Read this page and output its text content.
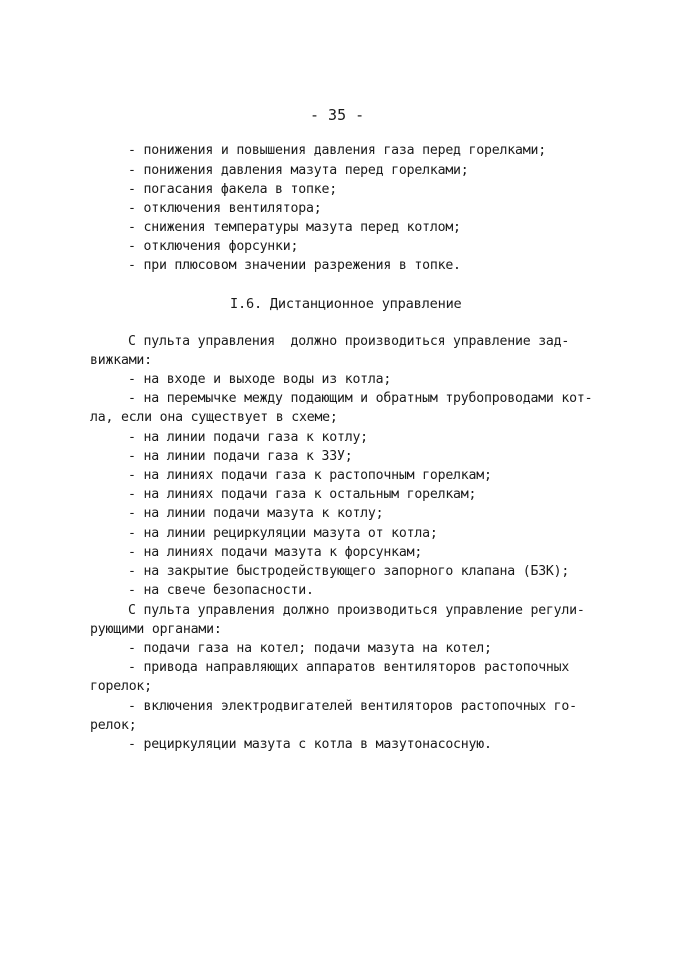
- 35 -
- понижения и повышения давления газа перед горелками;
- понижения давления мазута перед горелками;
- погасания факела в топке;
- отключения вентилятора;
- снижения температуры мазута перед котлом;
- отключения форсунки;
- при плюсовом значении разрежения в топке.
I.6. Дистанционное управление
С пульта управления  должно производиться управление зад-
вижками:
- на входе и выходе воды из котла;
- на перемычке между подающим и обратным трубопроводами кот-
ла, если она существует в схеме;
- на линии подачи газа к котлу;
- на линии подачи газа к ЗЗУ;
- на линиях подачи газа к растопочным горелкам;
- на линиях подачи газа к остальным горелкам;
- на линии подачи мазута к котлу;
- на линии рециркуляции мазута от котла;
- на линиях подачи мазута к форсункам;
- на закрытие быстродействующего запорного клапана (БЗК);
- на свече безопасности.
С пульта управления должно производиться управление регули-
рующими органами:
- подачи газа на котел; подачи мазута на котел;
- привода направляющих аппаратов вентиляторов растопочных
горелок;
- включения электродвигателей вентиляторов растопочных го-
релок;
- рециркуляции мазута с котла в мазутонасосную.
